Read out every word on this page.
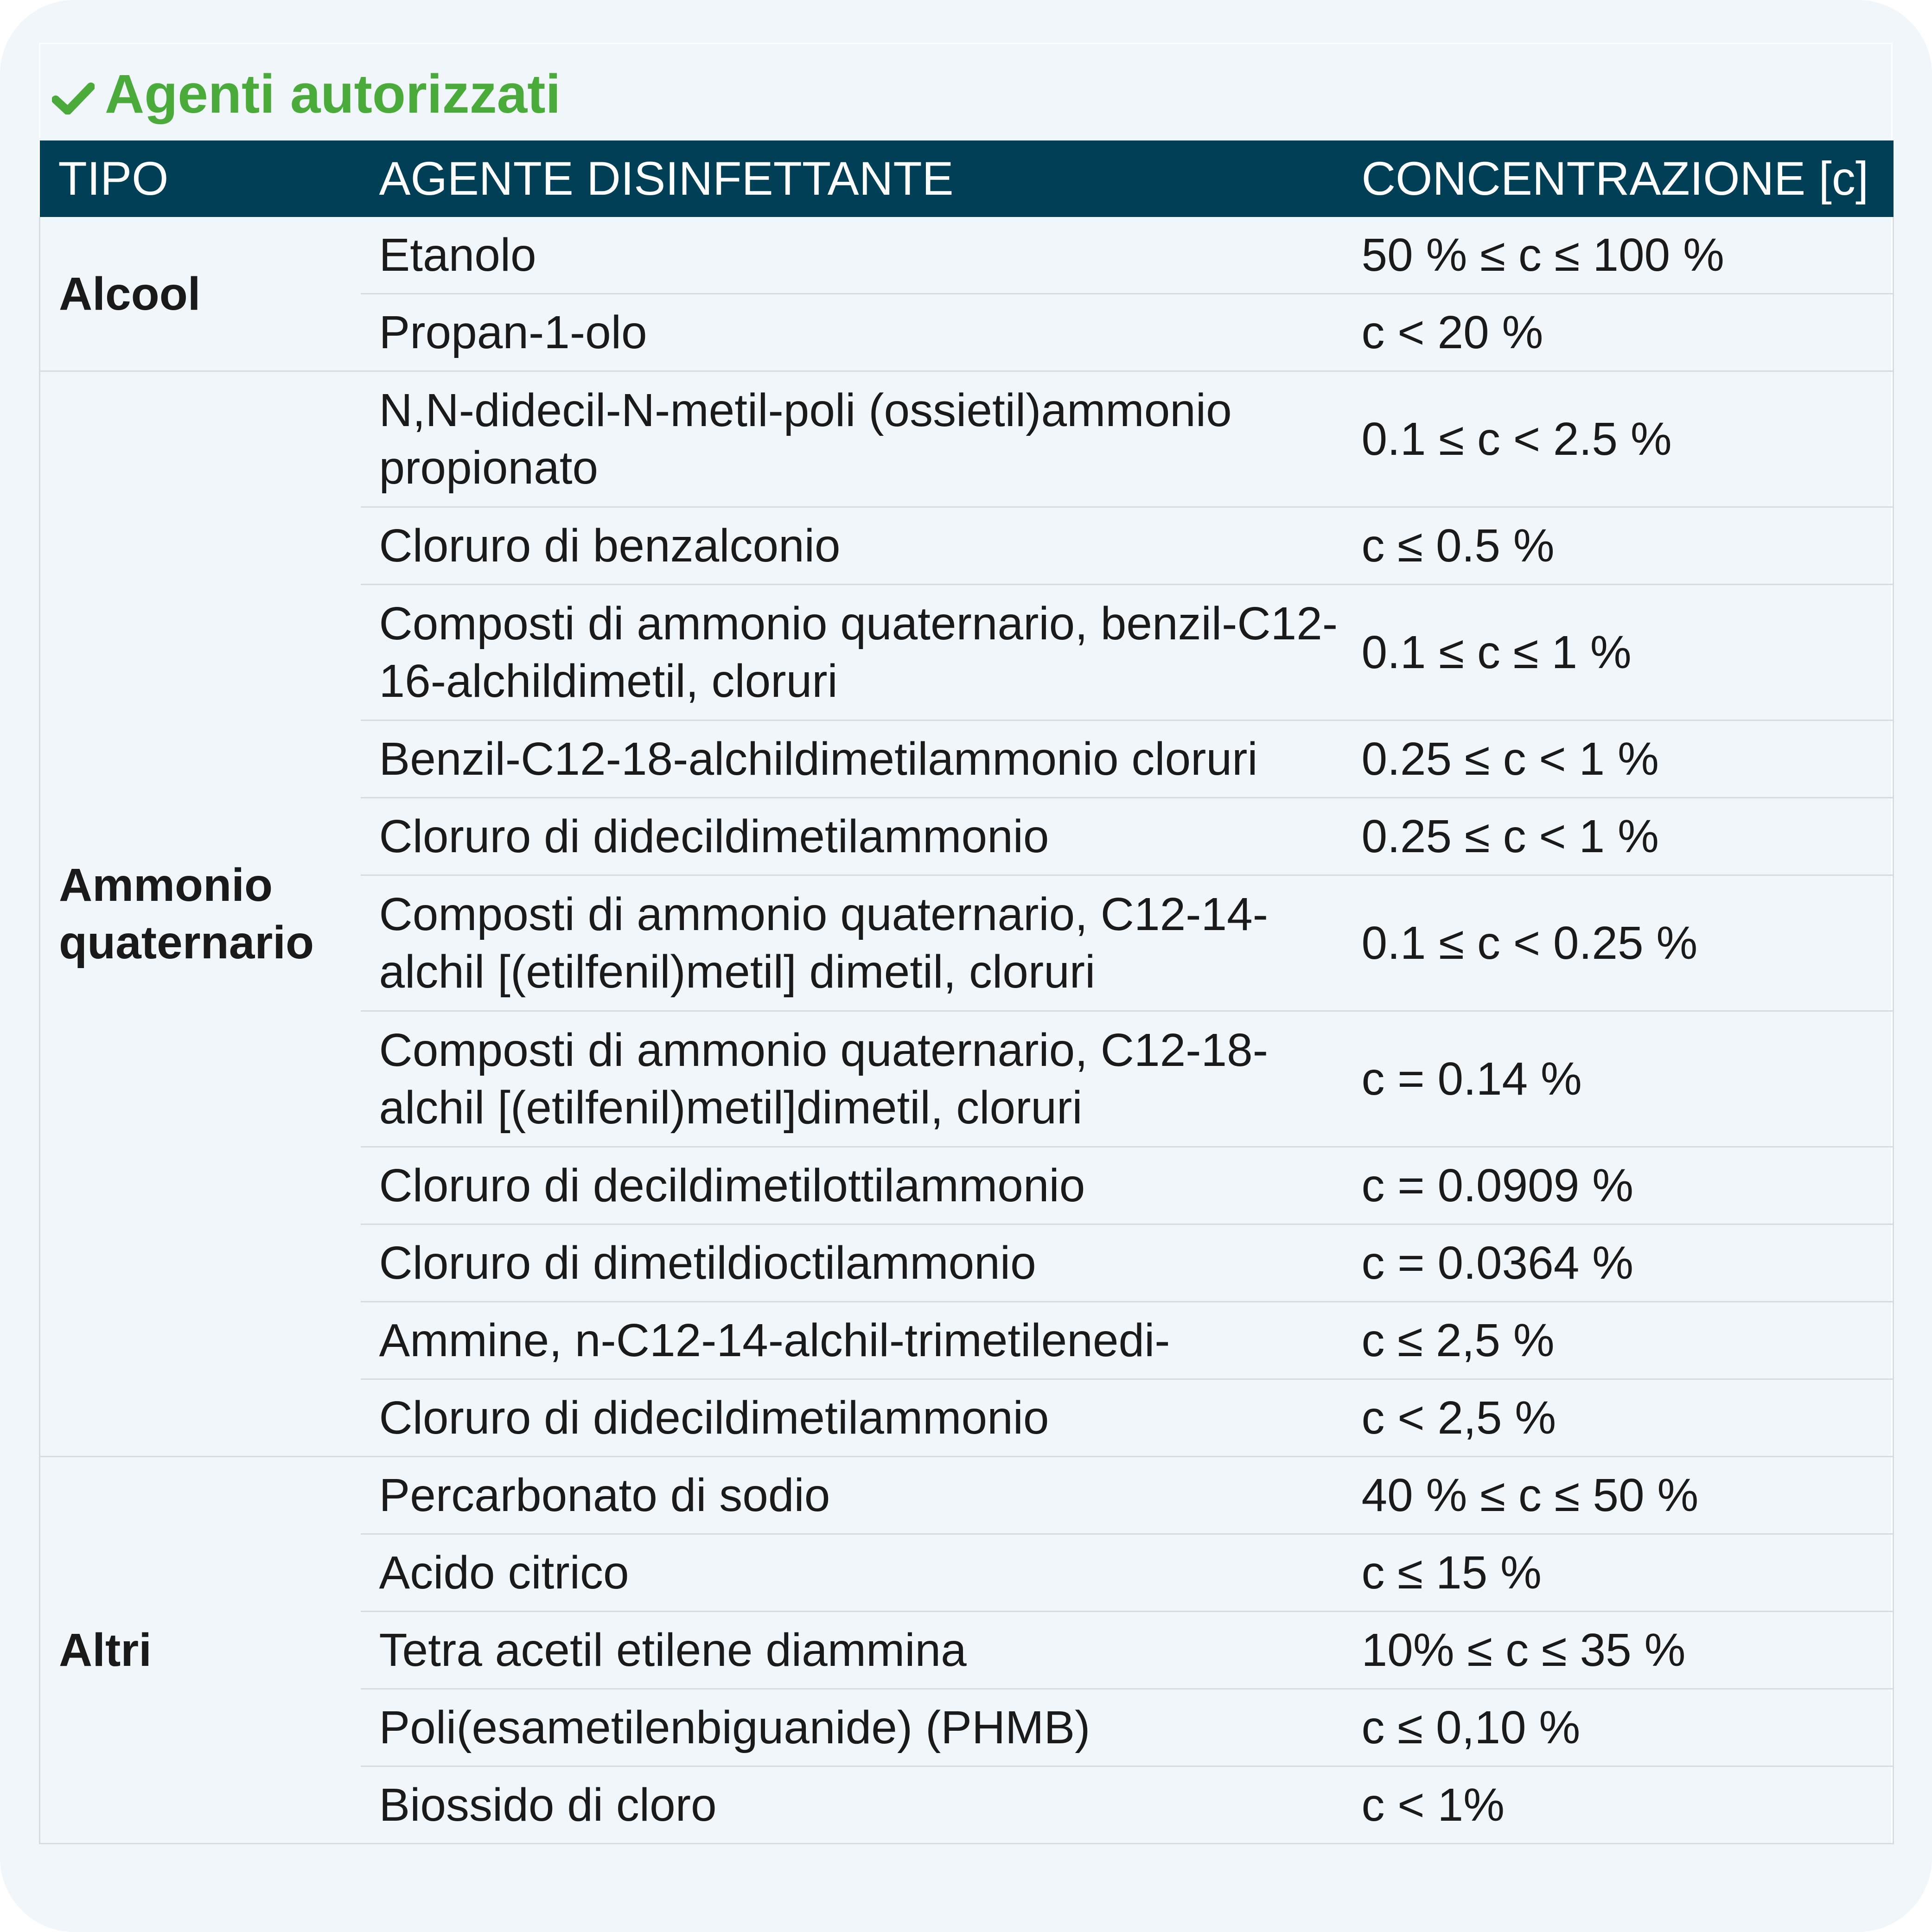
Agenti autorizzati
TIPO	AGENTE DISINFETTANTE	CONCENTRAZIONE [c]
Alcool	Etanolo	50 % ≤ c ≤ 100 %
	Propan-1-olo	c < 20 %
Ammonio quaternario	N,N-didecil-N-metil-poli (ossietil)ammonio propionato	0.1 ≤ c < 2.5 %
	Cloruro di benzalconio	c ≤ 0.5 %
	Composti di ammonio quaternario, benzil-C12-16-alchildimetil, cloruri	0.1 ≤ c ≤ 1 %
	Benzil-C12-18-alchildimetilammonio cloruri	0.25 ≤ c < 1 %
	Cloruro di didecildimetilammonio	0.25 ≤ c < 1 %
	Composti di ammonio quaternario, C12-14-alchil [(etilfenil)metil] dimetil, cloruri	0.1 ≤ c < 0.25 %
	Composti di ammonio quaternario, C12-18-alchil [(etilfenil)metil]dimetil, cloruri	c = 0.14 %
	Cloruro di decildimetilottilammonio	c = 0.0909 %
	Cloruro di dimetildioctilammonio	c = 0.0364 %
	Ammine, n-C12-14-alchil-trimetilenedi-	c ≤ 2,5 %
	Cloruro di didecildimetilammonio	c < 2,5 %
Altri	Percarbonato di sodio	40 % ≤ c ≤ 50 %
	Acido citrico	c ≤ 15 %
	Tetra acetil etilene diammina	10% ≤ c ≤ 35 %
	Poli(esametilenbiguanide) (PHMB)	c ≤ 0,10 %
	Biossido di cloro	c < 1%
